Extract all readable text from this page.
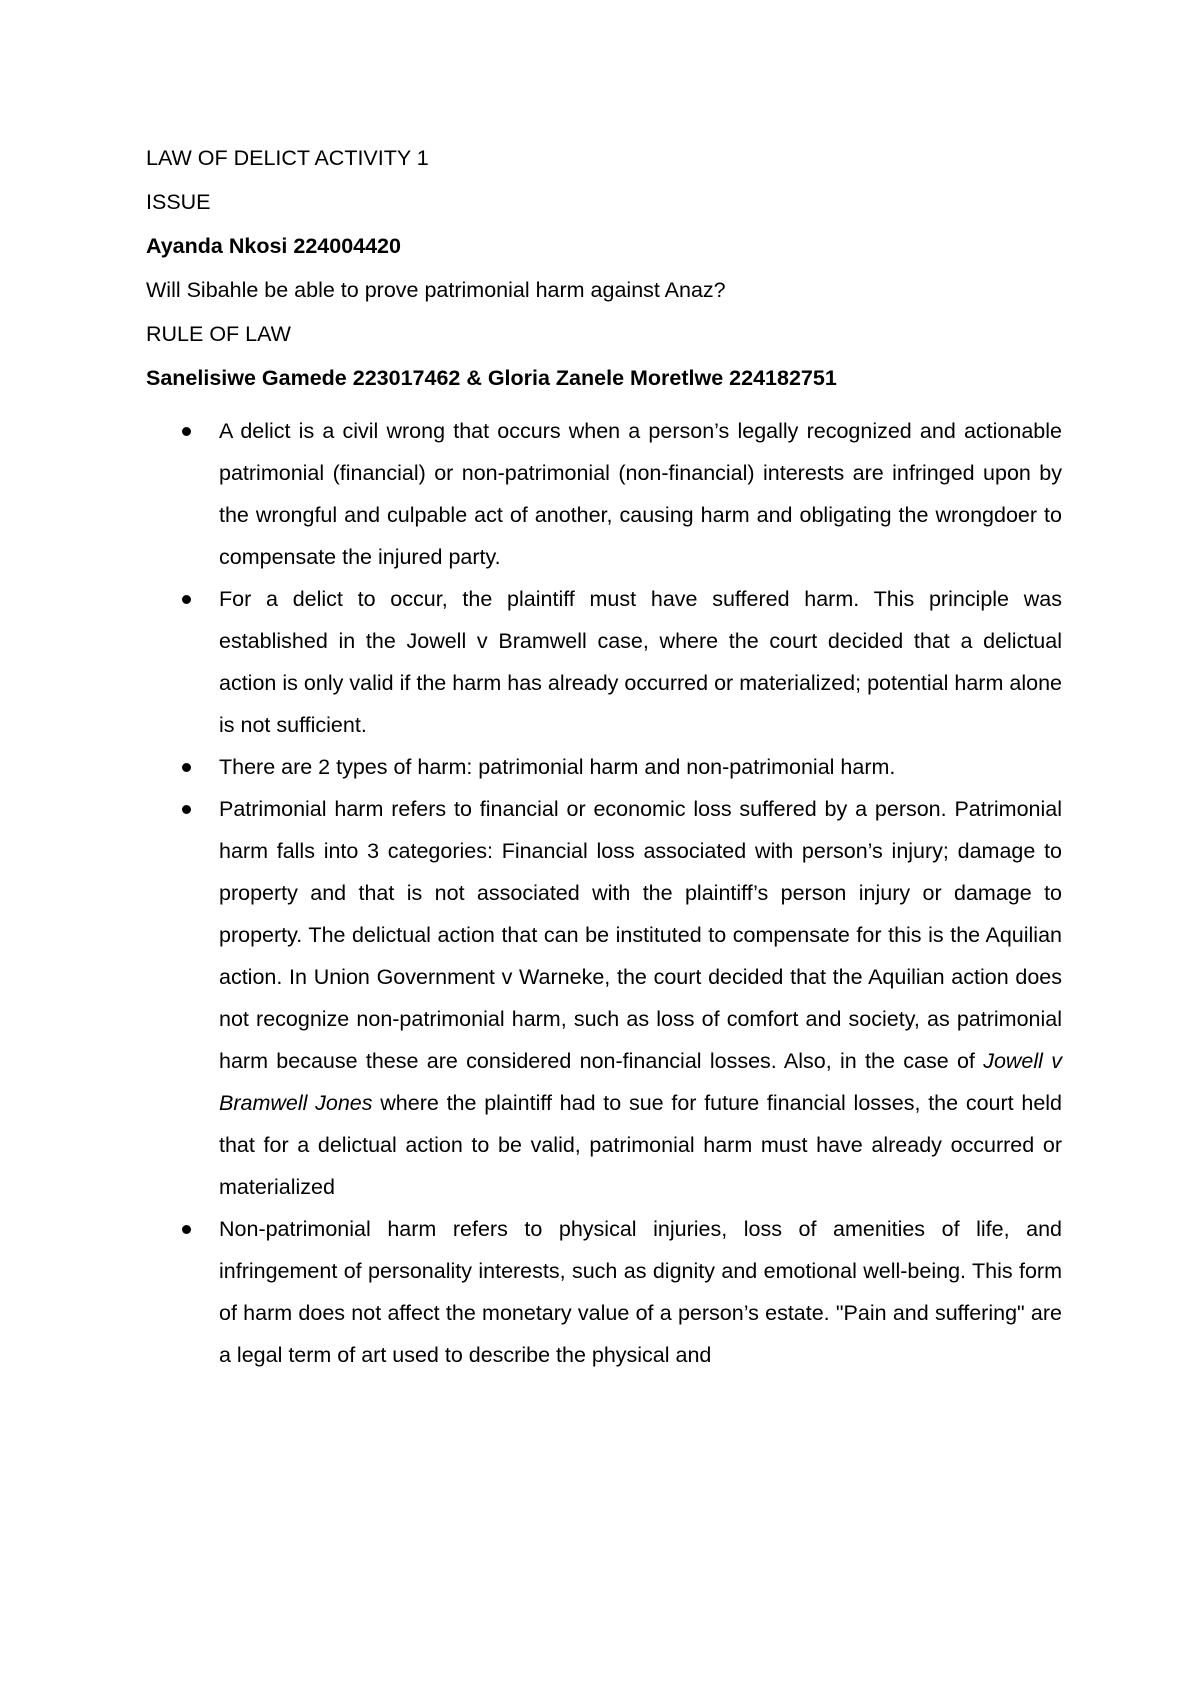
LAW OF DELICT ACTIVITY 1
ISSUE
Ayanda Nkosi 224004420
Will Sibahle be able to prove patrimonial harm against Anaz?
RULE OF LAW
Sanelisiwe Gamede 223017462 & Gloria Zanele Moretlwe 224182751
A delict is a civil wrong that occurs when a person’s legally recognized and actionable patrimonial (financial) or non-patrimonial (non-financial) interests are infringed upon by the wrongful and culpable act of another, causing harm and obligating the wrongdoer to compensate the injured party.
For a delict to occur, the plaintiff must have suffered harm. This principle was established in the Jowell v Bramwell case, where the court decided that a delictual action is only valid if the harm has already occurred or materialized; potential harm alone is not sufficient.
There are 2 types of harm: patrimonial harm and non-patrimonial harm.
Patrimonial harm refers to financial or economic loss suffered by a person. Patrimonial harm falls into 3 categories: Financial loss associated with person’s injury; damage to property and that is not associated with the plaintiff’s person injury or damage to property. The delictual action that can be instituted to compensate for this is the Aquilian action. In Union Government v Warneke, the court decided that the Aquilian action does not recognize non-patrimonial harm, such as loss of comfort and society, as patrimonial harm because these are considered non-financial losses. Also, in the case of Jowell v Bramwell Jones where the plaintiff had to sue for future financial losses, the court held that for a delictual action to be valid, patrimonial harm must have already occurred or materialized
Non-patrimonial harm refers to physical injuries, loss of amenities of life, and infringement of personality interests, such as dignity and emotional well-being. This form of harm does not affect the monetary value of a person’s estate. "Pain and suffering" are a legal term of art used to describe the physical and
